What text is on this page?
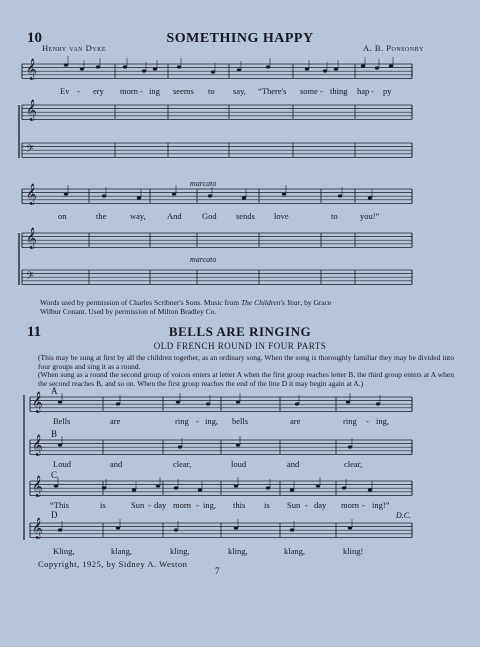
10	SOMETHING HAPPY
Henry van Dyke	A. B. Ponsonby
𝄞
𝄞
𝄢
𝄞
𝄞
𝄢
𝄞
𝄞
𝄞
𝄞
Ev - ery morn - ing seems to say, “There's some - thing hap - py
marcato
marcato
on	the	way,	And God sends love	to	you!”
Words used by permission of Charles Scribner's Sons. Music from The Children's Year, by Grace
Wilbur Conant. Used by permission of Milton Bradley Co.
11	BELLS ARE RINGING
OLD FRENCH ROUND IN FOUR PARTS
(This may be sung at first by all the children together, as an ordinary song. When the song is thoroughly familiar they may be divided into four groups and sing it as a round.
(When sung as a round the second group of voices enters at letter A when the first group reaches letter B, the third group enters at A when the second reaches B, and so on. When the first group reaches the end of the line D it may begin again at A.)
A
B
C
D
Bells	are	ring - ing, bells	are	ring - ing,
Loud	and	clear,	loud	and	clear,
“This	is	Sun - day morn - ing, this is Sun - day morn - ing!”
D.C.
Kling,	klang,	kling,	kling,	klang,	kling!
Copyright, 1925, by Sidney A. Weston
7
